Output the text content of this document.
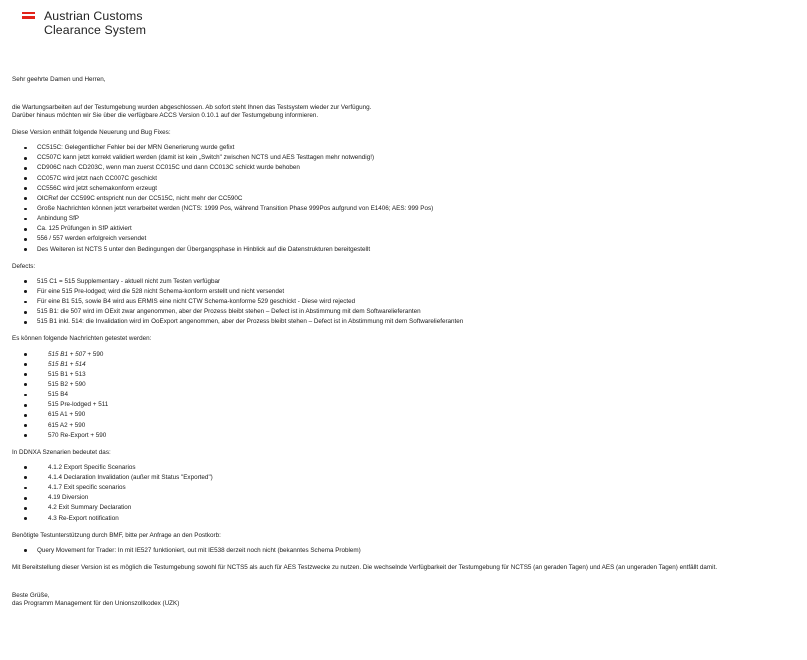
Austrian Customs
Clearance System

Sehr geehrte Damen und Herren,

die Wartungsarbeiten auf der Testumgebung wurden abgeschlossen. Ab sofort steht Ihnen das Testsystem wieder zur Verfügung.

Darüber hinaus möchten wir Sie über die verfügbare ACCS Version 0.10.1 auf der Testumgebung informieren.

Diese Version enthält folgende Neuerung und Bug Fixes:

CC515C: Gelegentlicher Fehler bei der MRN Generierung wurde gefixt
CC507C kann jetzt korrekt validiert werden (damit ist kein „Switch" zwischen NCTS und AES Testtagen mehr notwendig!)
CD906C nach CD203C, wenn man zuerst CC015C und dann CC013C schickt wurde behoben
CC057C wird jetzt nach CC007C geschickt
CC556C wird jetzt schemakonform erzeugt
OICRef der CC599C entspricht nun der CC515C, nicht mehr der CC590C
Große Nachrichten können jetzt verarbeitet werden (NCTS: 1999 Pos, während Transition Phase 999Pos aufgrund von E1406; AES: 999 Pos)
Anbindung SfP
Ca. 125 Prüfungen in SfP aktiviert
556 / 557 werden erfolgreich versendet
Des Weiteren ist NCTS 5 unter den Bedingungen der Übergangsphase in Hinblick auf die Datenstrukturen bereitgestellt

Defects:

515 C1 = 515 Supplementary - aktuell nicht zum Testen verfügbar
Für eine 515 Pre-lodged; wird die 528 nicht Schema-konform erstellt und nicht versendet
Für eine B1 515, sowie B4 wird aus ERMIS eine nicht CTW Schema-konforme 529 geschickt - Diese wird rejected
515 B1: die 507 wird im OExit zwar angenommen, aber der Prozess bleibt stehen – Defect ist in Abstimmung mit dem Softwarelieferanten
515 B1 inkl. 514: die Invalidation wird im OoExport angenommen, aber der Prozess bleibt stehen – Defect ist in Abstimmung mit dem Softwarelieferanten

Es können folgende Nachrichten getestet werden:

515 B1 + 507 + 590
515 B1 + 514
515 B1 + 513
515 B2 + 590
515 B4
515 Pre-lodged + 511
615 A1 + 590
615 A2 + 590
570 Re-Export + 590

In DDNXA Szenarien bedeutet das:

4.1.2 Export Specific Scenarios
4.1.4 Declaration Invalidation (außer mit Status "Exported")
4.1.7 Exit specific scenarios
4.19 Diversion
4.2 Exit Summary Declaration
4.3 Re-Export notification

Benötigte Testunterstützung durch BMF, bitte per Anfrage an den Postkorb:

Query Movement for Trader: In mit IE527 funktioniert, out mit IE538 derzeit noch nicht (bekanntes Schema Problem)

Mit Bereitstellung dieser Version ist es möglich die Testumgebung sowohl für NCTS5 als auch für AES Testzwecke zu nutzen. Die wechselnde Verfügbarkeit der Testumgebung für NCTS5 (an geraden Tagen) und AES (an ungeraden Tagen) entfällt damit.

Beste Grüße,

das Programm Management für den Unionszollkodex (UZK)
